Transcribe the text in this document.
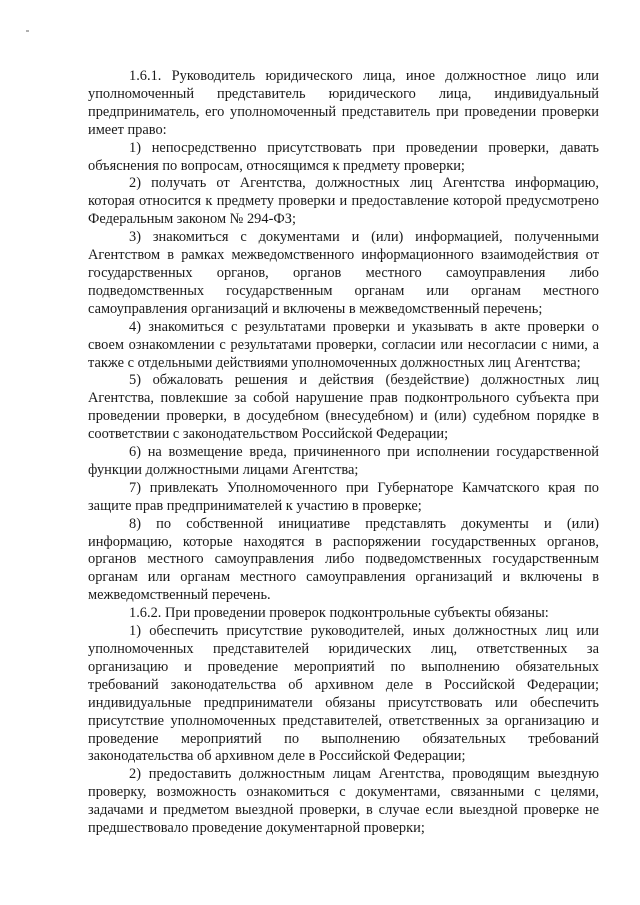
1.6.1. Руководитель юридического лица, иное должностное лицо или уполномоченный представитель юридического лица, индивидуальный предприниматель, его уполномоченный представитель при проведении проверки имеет право:

1) непосредственно присутствовать при проведении проверки, давать объяснения по вопросам, относящимся к предмету проверки;

2) получать от Агентства, должностных лиц Агентства информацию, которая относится к предмету проверки и предоставление которой предусмотрено Федеральным законом № 294-ФЗ;

3) знакомиться с документами и (или) информацией, полученными Агентством в рамках межведомственного информационного взаимодействия от государственных органов, органов местного самоуправления либо подведомственных государственным органам или органам местного самоуправления организаций и включены в межведомственный перечень;

4) знакомиться с результатами проверки и указывать в акте проверки о своем ознакомлении с результатами проверки, согласии или несогласии с ними, а также с отдельными действиями уполномоченных должностных лиц Агентства;

5) обжаловать решения и действия (бездействие) должностных лиц Агентства, повлекшие за собой нарушение прав подконтрольного субъекта при проведении проверки, в досудебном (внесудебном) и (или) судебном порядке в соответствии с законодательством Российской Федерации;

6) на возмещение вреда, причиненного при исполнении государственной функции должностными лицами Агентства;

7) привлекать Уполномоченного при Губернаторе Камчатского края по защите прав предпринимателей к участию в проверке;

8) по собственной инициативе представлять документы и (или) информацию, которые находятся в распоряжении государственных органов, органов местного самоуправления либо подведомственных государственным органам или органам местного самоуправления организаций и включены в межведомственный перечень.

1.6.2. При проведении проверок подконтрольные субъекты обязаны:

1) обеспечить присутствие руководителей, иных должностных лиц или уполномоченных представителей юридических лиц, ответственных за организацию и проведение мероприятий по выполнению обязательных требований законодательства об архивном деле в Российской Федерации; индивидуальные предприниматели обязаны присутствовать или обеспечить присутствие уполномоченных представителей, ответственных за организацию и проведение мероприятий по выполнению обязательных требований законодательства об архивном деле в Российской Федерации;

2) предоставить должностным лицам Агентства, проводящим выездную проверку, возможность ознакомиться с документами, связанными с целями, задачами и предметом выездной проверки, в случае если выездной проверке не предшествовало проведение документарной проверки;
